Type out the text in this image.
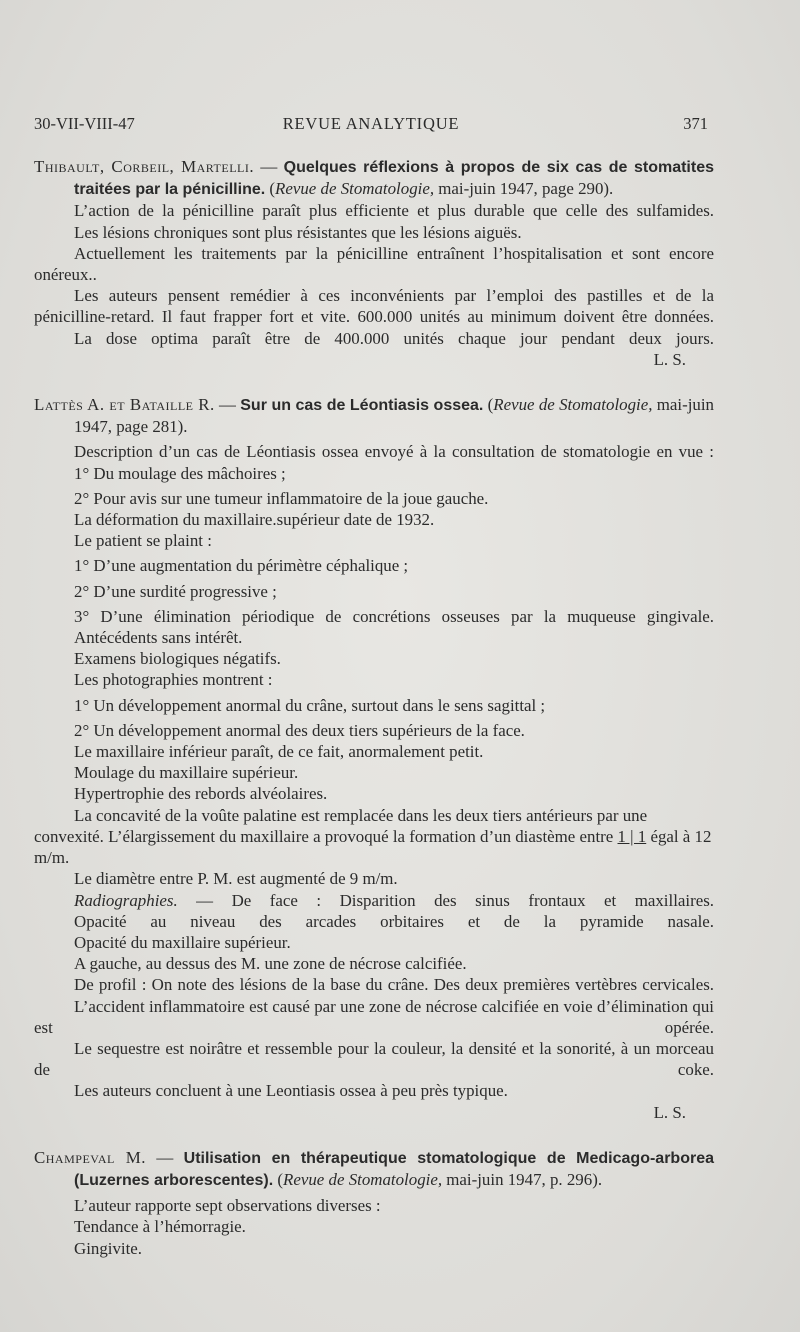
30-VII-VIII-47	REVUE ANALYTIQUE	371

Thibault, Corbeil, Martelli. — Quelques réflexions à propos de six cas de stomatites traitées par la pénicilline. (Revue de Stomatologie, mai-juin 1947, page 290).

L’action de la pénicilline paraît plus efficiente et plus durable que celle des sulfamides.

Les lésions chroniques sont plus résistantes que les lésions aiguës.

Actuellement les traitements par la pénicilline entraînent l’hospitalisation et sont encore onéreux..

Les auteurs pensent remédier à ces inconvénients par l’emploi des pastilles et de la pénicilline-retard. Il faut frapper fort et vite. 600.000 unités au minimum doivent être données.

La dose optima paraît être de 400.000 unités chaque jour pendant deux jours.

L. S.

Lattès A. et Bataille R. — Sur un cas de Léontiasis ossea. (Revue de Stomatologie, mai-juin 1947, page 281).

Description d’un cas de Léontiasis ossea envoyé à la consultation de stomatologie en vue :

1° Du moulage des mâchoires ;

2° Pour avis sur une tumeur inflammatoire de la joue gauche.

La déformation du maxillaire.supérieur date de 1932.

Le patient se plaint :

1° D’une augmentation du périmètre céphalique ;

2° D’une surdité progressive ;

3° D’une élimination périodique de concrétions osseuses par la muqueuse gingivale.

Antécédents sans intérêt.

Examens biologiques négatifs.

Les photographies montrent :

1° Un développement anormal du crâne, surtout dans le sens sagittal ;

2° Un développement anormal des deux tiers supérieurs de la face.

Le maxillaire inférieur paraît, de ce fait, anormalement petit.

Moulage du maxillaire supérieur.

Hypertrophie des rebords alvéolaires.

La concavité de la voûte palatine est remplacée dans les deux tiers antérieurs par une convexité. L’élargissement du maxillaire a provoqué la formation d’un diastème entre 1 | 1 égal à 12 m/m.

Le diamètre entre P. M. est augmenté de 9 m/m.

Radiographies. — De face : Disparition des sinus frontaux et maxillaires.

Opacité au niveau des arcades orbitaires et de la pyramide nasale.

Opacité du maxillaire supérieur.

A gauche, au dessus des M. une zone de nécrose calcifiée.

De profil : On note des lésions de la base du crâne. Des deux premières vertèbres cervicales.

L’accident inflammatoire est causé par une zone de nécrose calcifiée en voie d’élimination qui est opérée.

Le sequestre est noirâtre et ressemble pour la couleur, la densité et la sonorité, à un morceau de coke.

Les auteurs concluent à une Leontiasis ossea à peu près typique.

L. S.

Champeval M. — Utilisation en thérapeutique stomatologique de Medicago-arborea (Luzernes arborescentes). (Revue de Stomatologie, mai-juin 1947, p. 296).

L’auteur rapporte sept observations diverses :

Tendance à l’hémorragie.

Gingivite.
